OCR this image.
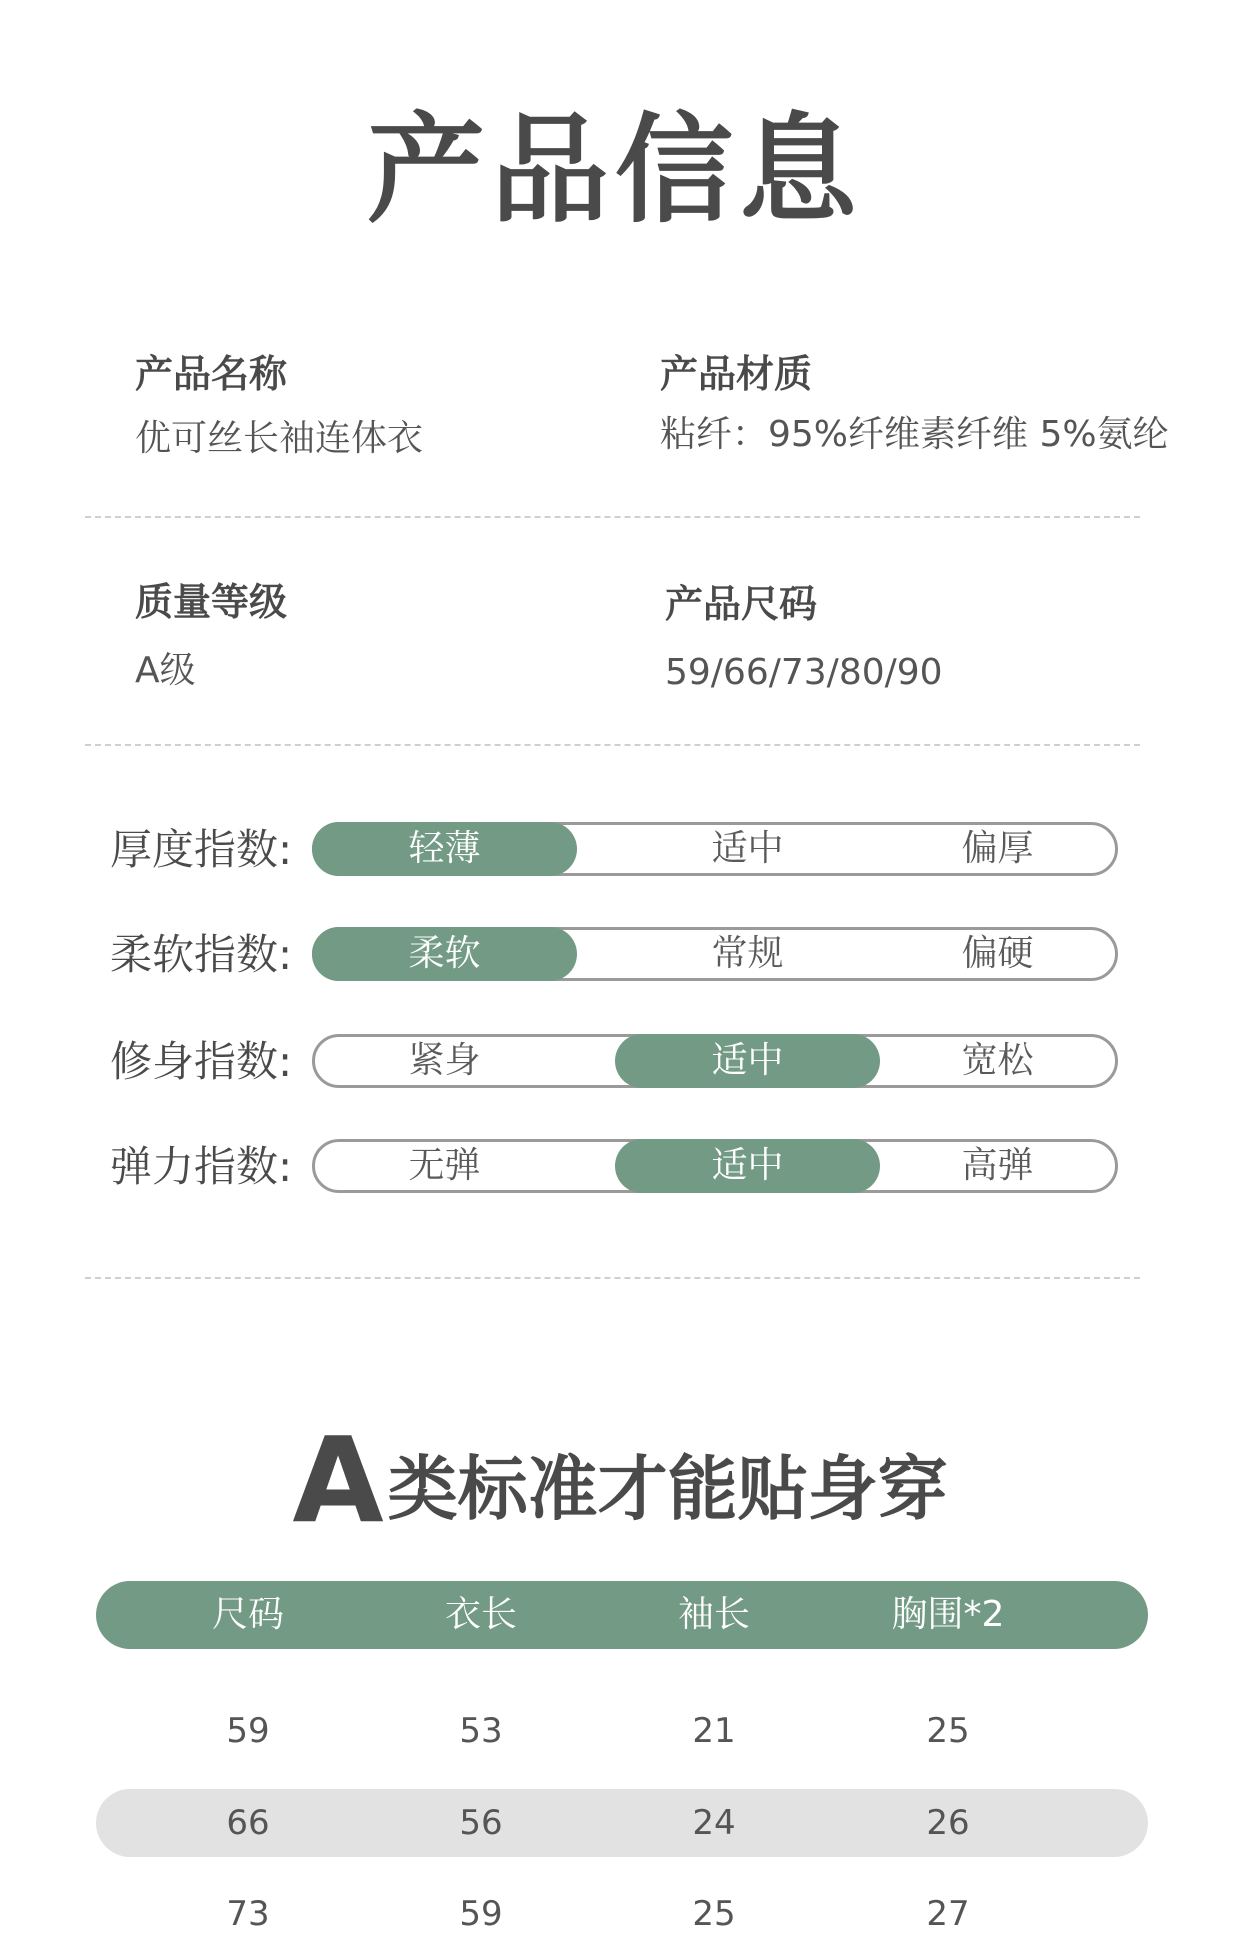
产品信息
产品名称
优可丝长袖连体衣
产品材质
粘纤：95%纤维素纤维 5%氨纶
质量等级
A级
产品尺码
59/66/73/80/90
厚度指数:	轻薄	适中	偏厚
柔软指数:	柔软	常规	偏硬
修身指数:	紧身	适中	宽松
弹力指数:	无弹	适中	高弹
A类标准才能贴身穿
尺码	衣长	袖长	胸围*2
59	53	21	25
66	56	24	26
73	59	25	27
